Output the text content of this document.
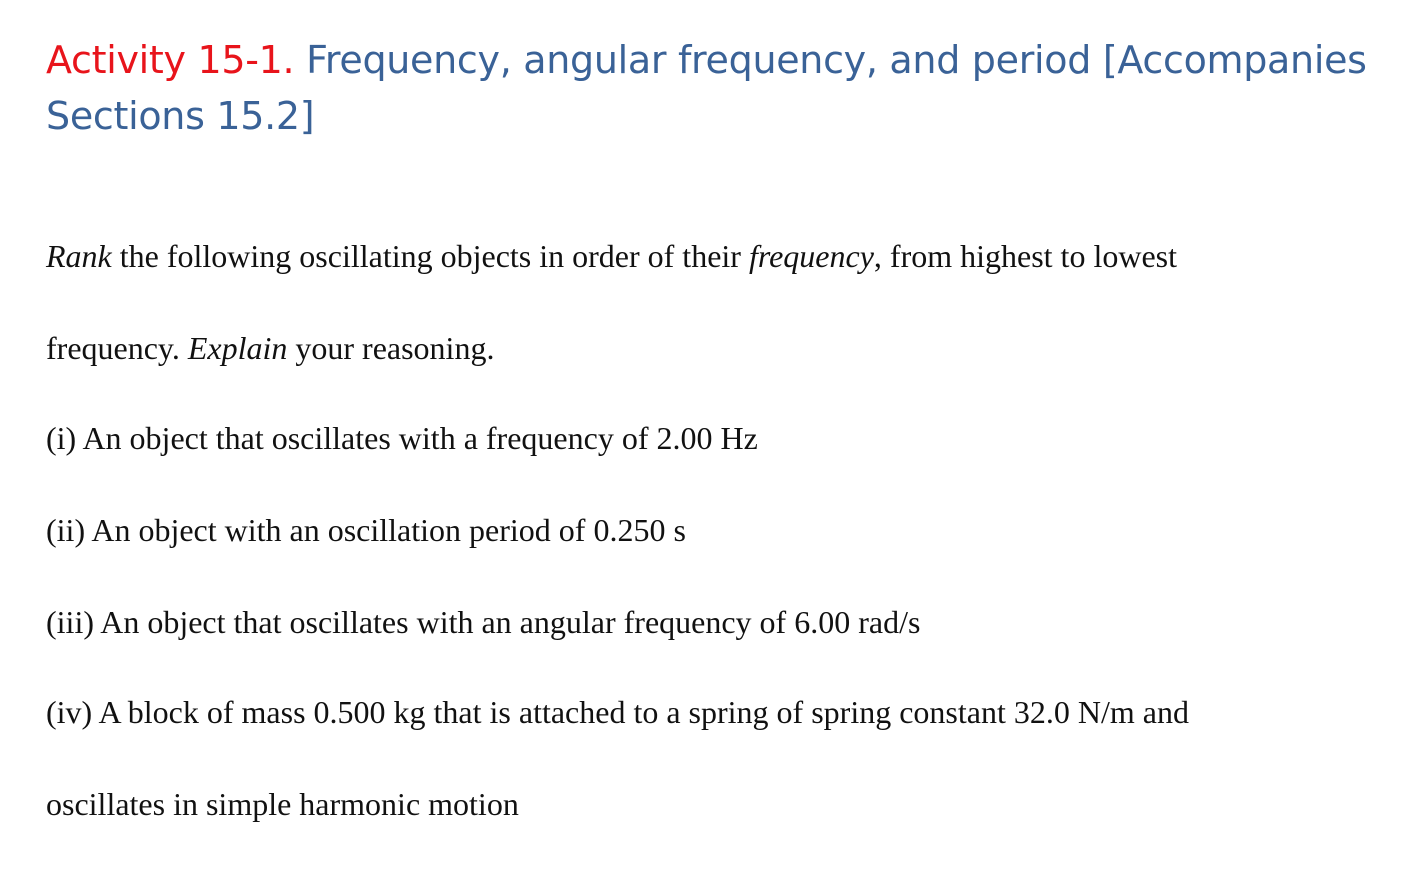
Activity 15-1. Frequency, angular frequency, and period [Accompanies Sections 15.2]

Rank the following oscillating objects in order of their frequency, from highest to lowest

frequency. Explain your reasoning.

(i) An object that oscillates with a frequency of 2.00 Hz

(ii) An object with an oscillation period of 0.250 s

(iii) An object that oscillates with an angular frequency of 6.00 rad/s

(iv) A block of mass 0.500 kg that is attached to a spring of spring constant 32.0 N/m and

oscillates in simple harmonic motion
